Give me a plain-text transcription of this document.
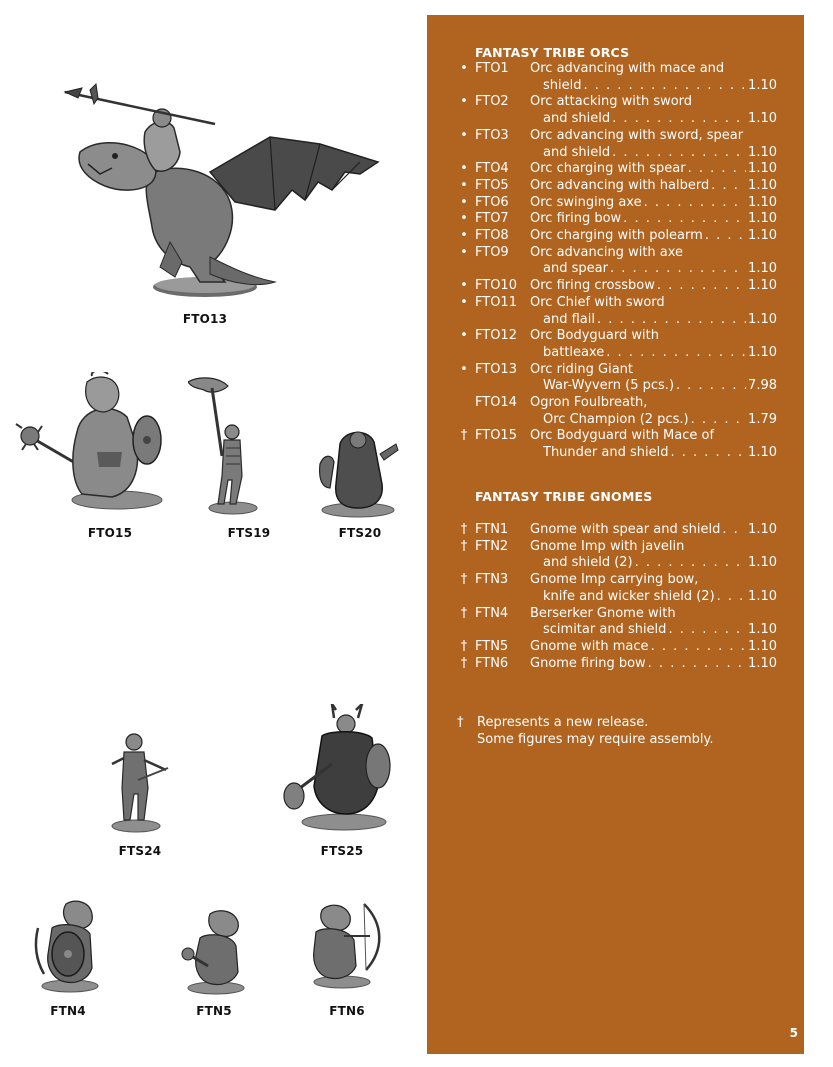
FTO13
FTO15	FTS19	FTS20
FTS24	FTS25
FTN4	FTN5	FTN6
FANTASY TRIBE ORCS
FANTASY TRIBE GNOMES
† Represents a new release.
Some figures may require assembly.
5
• FTO1 Orc advancing with mace and
shield . . .	1.10
• FTO2 Orc attacking with sword
and shield . . .	1.10
• FTO3 Orc advancing with sword, spear
and shield . . .	1.10
• FTO4 Orc charging with spear . . .	1.10
• FTO5 Orc advancing with halberd . . .	1.10
• FTO6 Orc swinging axe . . .	1.10
• FTO7 Orc firing bow . . .	1.10
• FTO8 Orc charging with polearm . . .	1.10
• FTO9 Orc advancing with axe
and spear . . .	1.10
• FTO10 Orc firing crossbow . . .	1.10
• FTO11 Orc Chief with sword
and flail . . .	1.10
• FTO12 Orc Bodyguard with
battleaxe . . .	1.10
• FTO13 Orc riding Giant
War-Wyvern (5 pcs.) . . .	7.98
FTO14 Ogron Foulbreath,
Orc Champion (2 pcs.) . . .	1.79
† FTO15 Orc Bodyguard with Mace of
Thunder and shield . . .	1.10
† FTN1 Gnome with spear and shield . . . 1.10
† FTN2 Gnome Imp with javelin
and shield (2) . . .	1.10
† FTN3 Gnome Imp carrying bow,
knife and wicker shield (2) . . .	1.10
† FTN4 Berserker Gnome with
scimitar and shield . . .	1.10
† FTN5 Gnome with mace . . .	1.10
† FTN6 Gnome firing bow . . .	1.10
